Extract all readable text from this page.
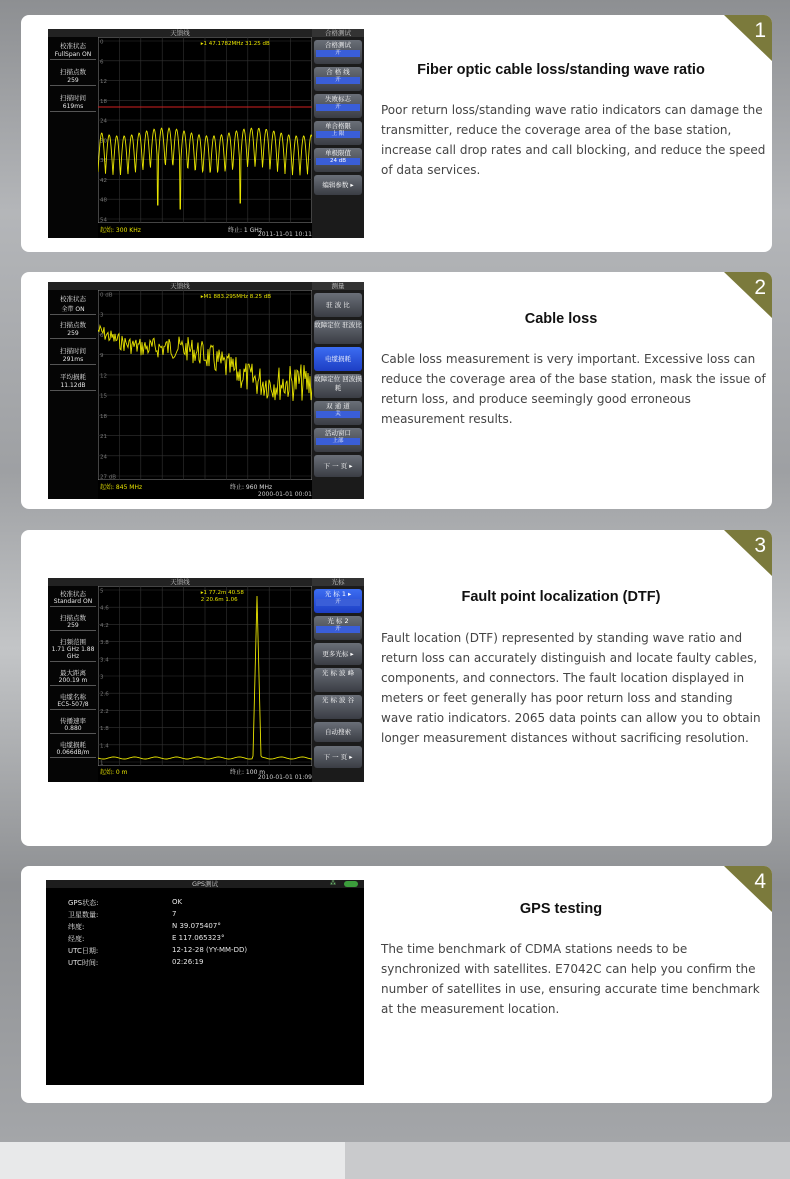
1
天馈线	合格测试
校准状态
FullSpan ON
扫描点数
259
扫描时间
619ms
0
6
12
18
24
30
36
42
48
54
▸1 47.1782MHz 31.25 dB
起始: 300 KHz	终止: 1 GHz
2011-11-01 10:11
合格测试
开
合 格 线
开
失败标志
开
单合格限
上 限
单极限值
24 dB
编辑参数 ▸
Fiber optic cable loss/standing wave ratio
Poor return loss/standing wave ratio indicators can damage the transmitter, reduce the coverage area of the base station, increase call drop rates and call blocking, and reduce the speed of data services.
2
天馈线	测量
校准状态
全带 ON
扫描点数
259
扫描时间
291ms
平均损耗
11.12dB
0 dB
3
6
9
12
15
18
21
24
27 dB
▸M1 883.295MHz 8.25 dB
起始: 845 MHz	终止: 960 MHz
2000-01-01 00:01
驻 波 比
故障定位 驻波比
电缆损耗
故障定位 回波损耗
双 通 道
关
活动窗口
上部
下 一 页 ▸
Cable loss
Cable loss measurement is very important. Excessive loss can reduce the coverage area of the base station, mask the issue of return loss, and produce seemingly good erroneous measurement results.
3
天馈线	光标
校准状态
Standard ON
扫描点数
259
扫频范围
1.71 GHz 1.88 GHz
最大距离
200.19 m
电缆名称
EC5-507/8
传播速率
0.880
电缆损耗
0.066dB/m
5
4.6
4.2
3.8
3.4
3
2.6
2.2
1.8
1.4
1
▸1 77.2m 40.58
2 20.6m 1.06
起始: 0 m	终止: 100 m
2010-01-01 01:09
光 标 1 ▸
开
光 标 2
开
更多光标 ▸
光 标 波 峰
光 标 波 谷
自动搜索
下 一 页 ▸
Fault point localization (DTF)
Fault location (DTF) represented by standing wave ratio and return loss can accurately distinguish and locate faulty cables, components, and connectors. The fault location displayed in meters or feet generally has poor return loss and standing wave ratio indicators. 2065 data points can allow you to obtain longer measurement distances without sacrificing resolution.
4
GPS测试	⁂
GPS状态:	OK
卫星数量:	7
纬度:	N 39.075407°
经度:	E 117.065323°
UTC日期:	12-12-28 (YY-MM-DD)
UTC时间:	02:26:19
GPS testing
The time benchmark of CDMA stations needs to be synchronized with satellites. E7042C can help you confirm the number of satellites in use, ensuring accurate time benchmark at the measurement location.
